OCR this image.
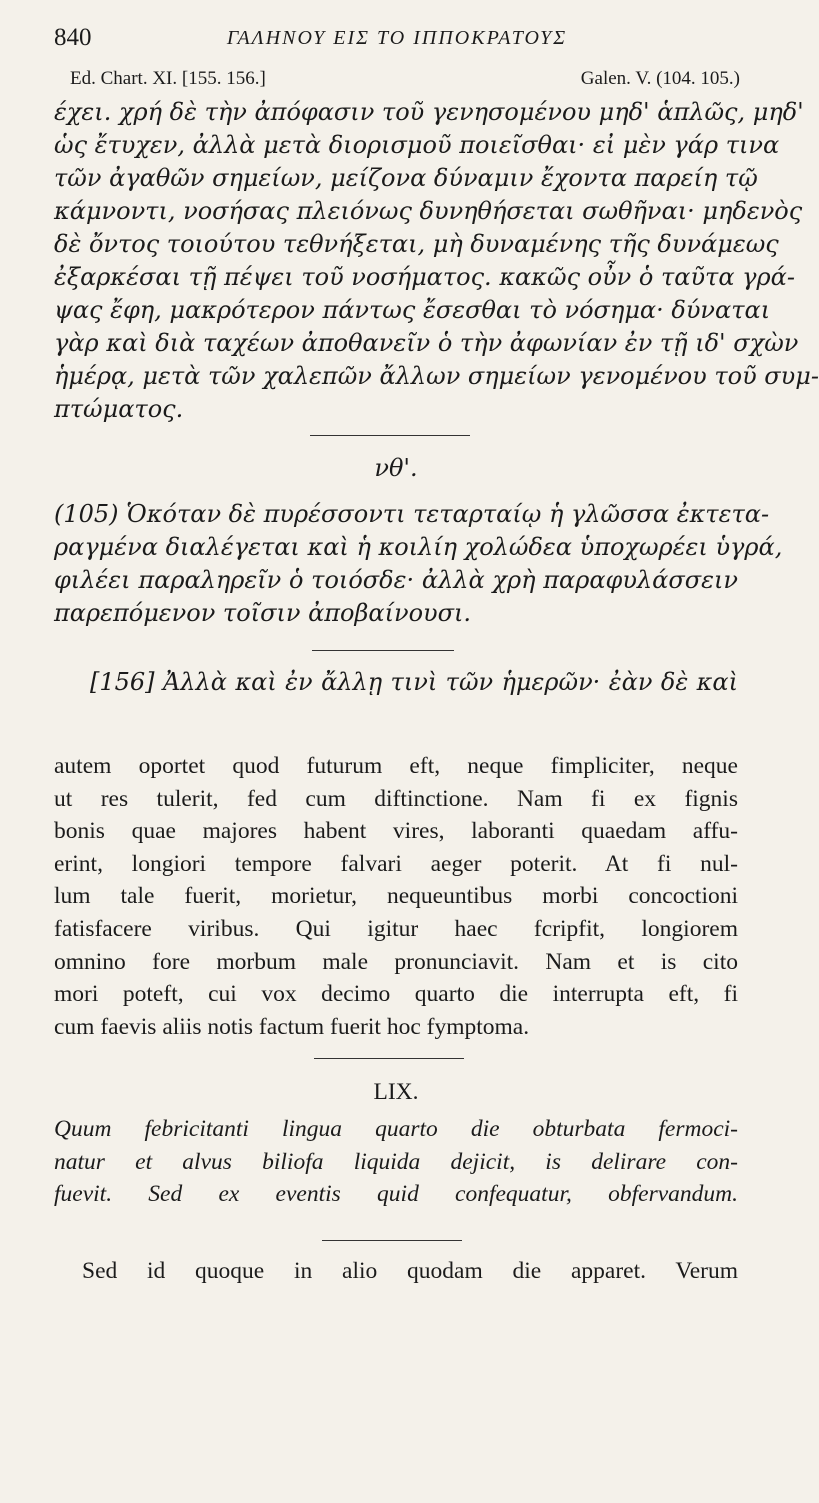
840	ΓΑΛΗΝΟΥ ΕΙΣ ΤΟ ΙΠΠΟΚΡΑΤΟΥΣ
Ed. Chart. XI. [155. 156.]	Galen. V. (104. 105.)
έχει. χρή δὲ τὴν ἀπόφασιν τοῦ γενησομένου μηδ' ἁπλῶς, μηδ'
ὡς ἔτυχεν, ἀλλὰ μετὰ διορισμοῦ ποιεῖσθαι· εἰ μὲν γάρ τινα
τῶν ἀγαθῶν σημείων, μείζονα δύναμιν ἔχοντα παρείη τῷ
κάμνοντι, νοσήσας πλειόνως δυνηθήσεται σωθῆναι· μηδενὸς
δὲ ὄντος τοιούτου τεθνήξεται, μὴ δυναμένης τῆς δυνάμεως
ἐξαρκέσαι τῇ πέψει τοῦ νοσήματος. κακῶς οὖν ὁ ταῦτα γρά-
ψας ἔφη, μακρότερον πάντως ἔσεσθαι τὸ νόσημα· δύναται
γὰρ καὶ διὰ ταχέων ἀποθανεῖν ὁ τὴν ἀφωνίαν ἐν τῇ ιδ' σχὼν
ἡμέρᾳ, μετὰ τῶν χαλεπῶν ἄλλων σημείων γενομένου τοῦ συμ-
πτώματος.
νθ'.
(105) Ὁκόταν δὲ πυρέσσοντι τεταρταίῳ ἡ γλῶσσα ἐκτετα-
ραγμένα διαλέγεται καὶ ἡ κοιλίη χολώδεα ὑποχωρέει ὑγρά,
φιλέει παραληρεῖν ὁ τοιόσδε· ἀλλὰ χρὴ παραφυλάσσειν
παρεπόμενον τοῖσιν ἀποβαίνουσι.
[156] Ἀλλὰ καὶ ἐν ἄλλῃ τινὶ τῶν ἡμερῶν· ἐὰν δὲ καὶ
autem oportet quod futurum eft, neque fimpliciter, neque
ut res tulerit, fed cum diftinctione. Nam fi ex fignis
bonis quae majores habent vires, laboranti quaedam affu-
erint, longiori tempore falvari aeger poterit. At fi nul-
lum tale fuerit, morietur, nequeuntibus morbi concoctioni
fatisfacere viribus. Qui igitur haec fcripfit, longiorem
omnino fore morbum male pronunciavit. Nam et is cito
mori poteft, cui vox decimo quarto die interrupta eft, fi
cum faevis aliis notis factum fuerit hoc fymptoma.
LIX.
Quum febricitanti lingua quarto die obturbata fermoci-
natur et alvus biliofa liquida dejicit, is delirare con-
fuevit. Sed ex eventis quid confequatur, obfervandum.
Sed id quoque in alio quodam die apparet. Verum
